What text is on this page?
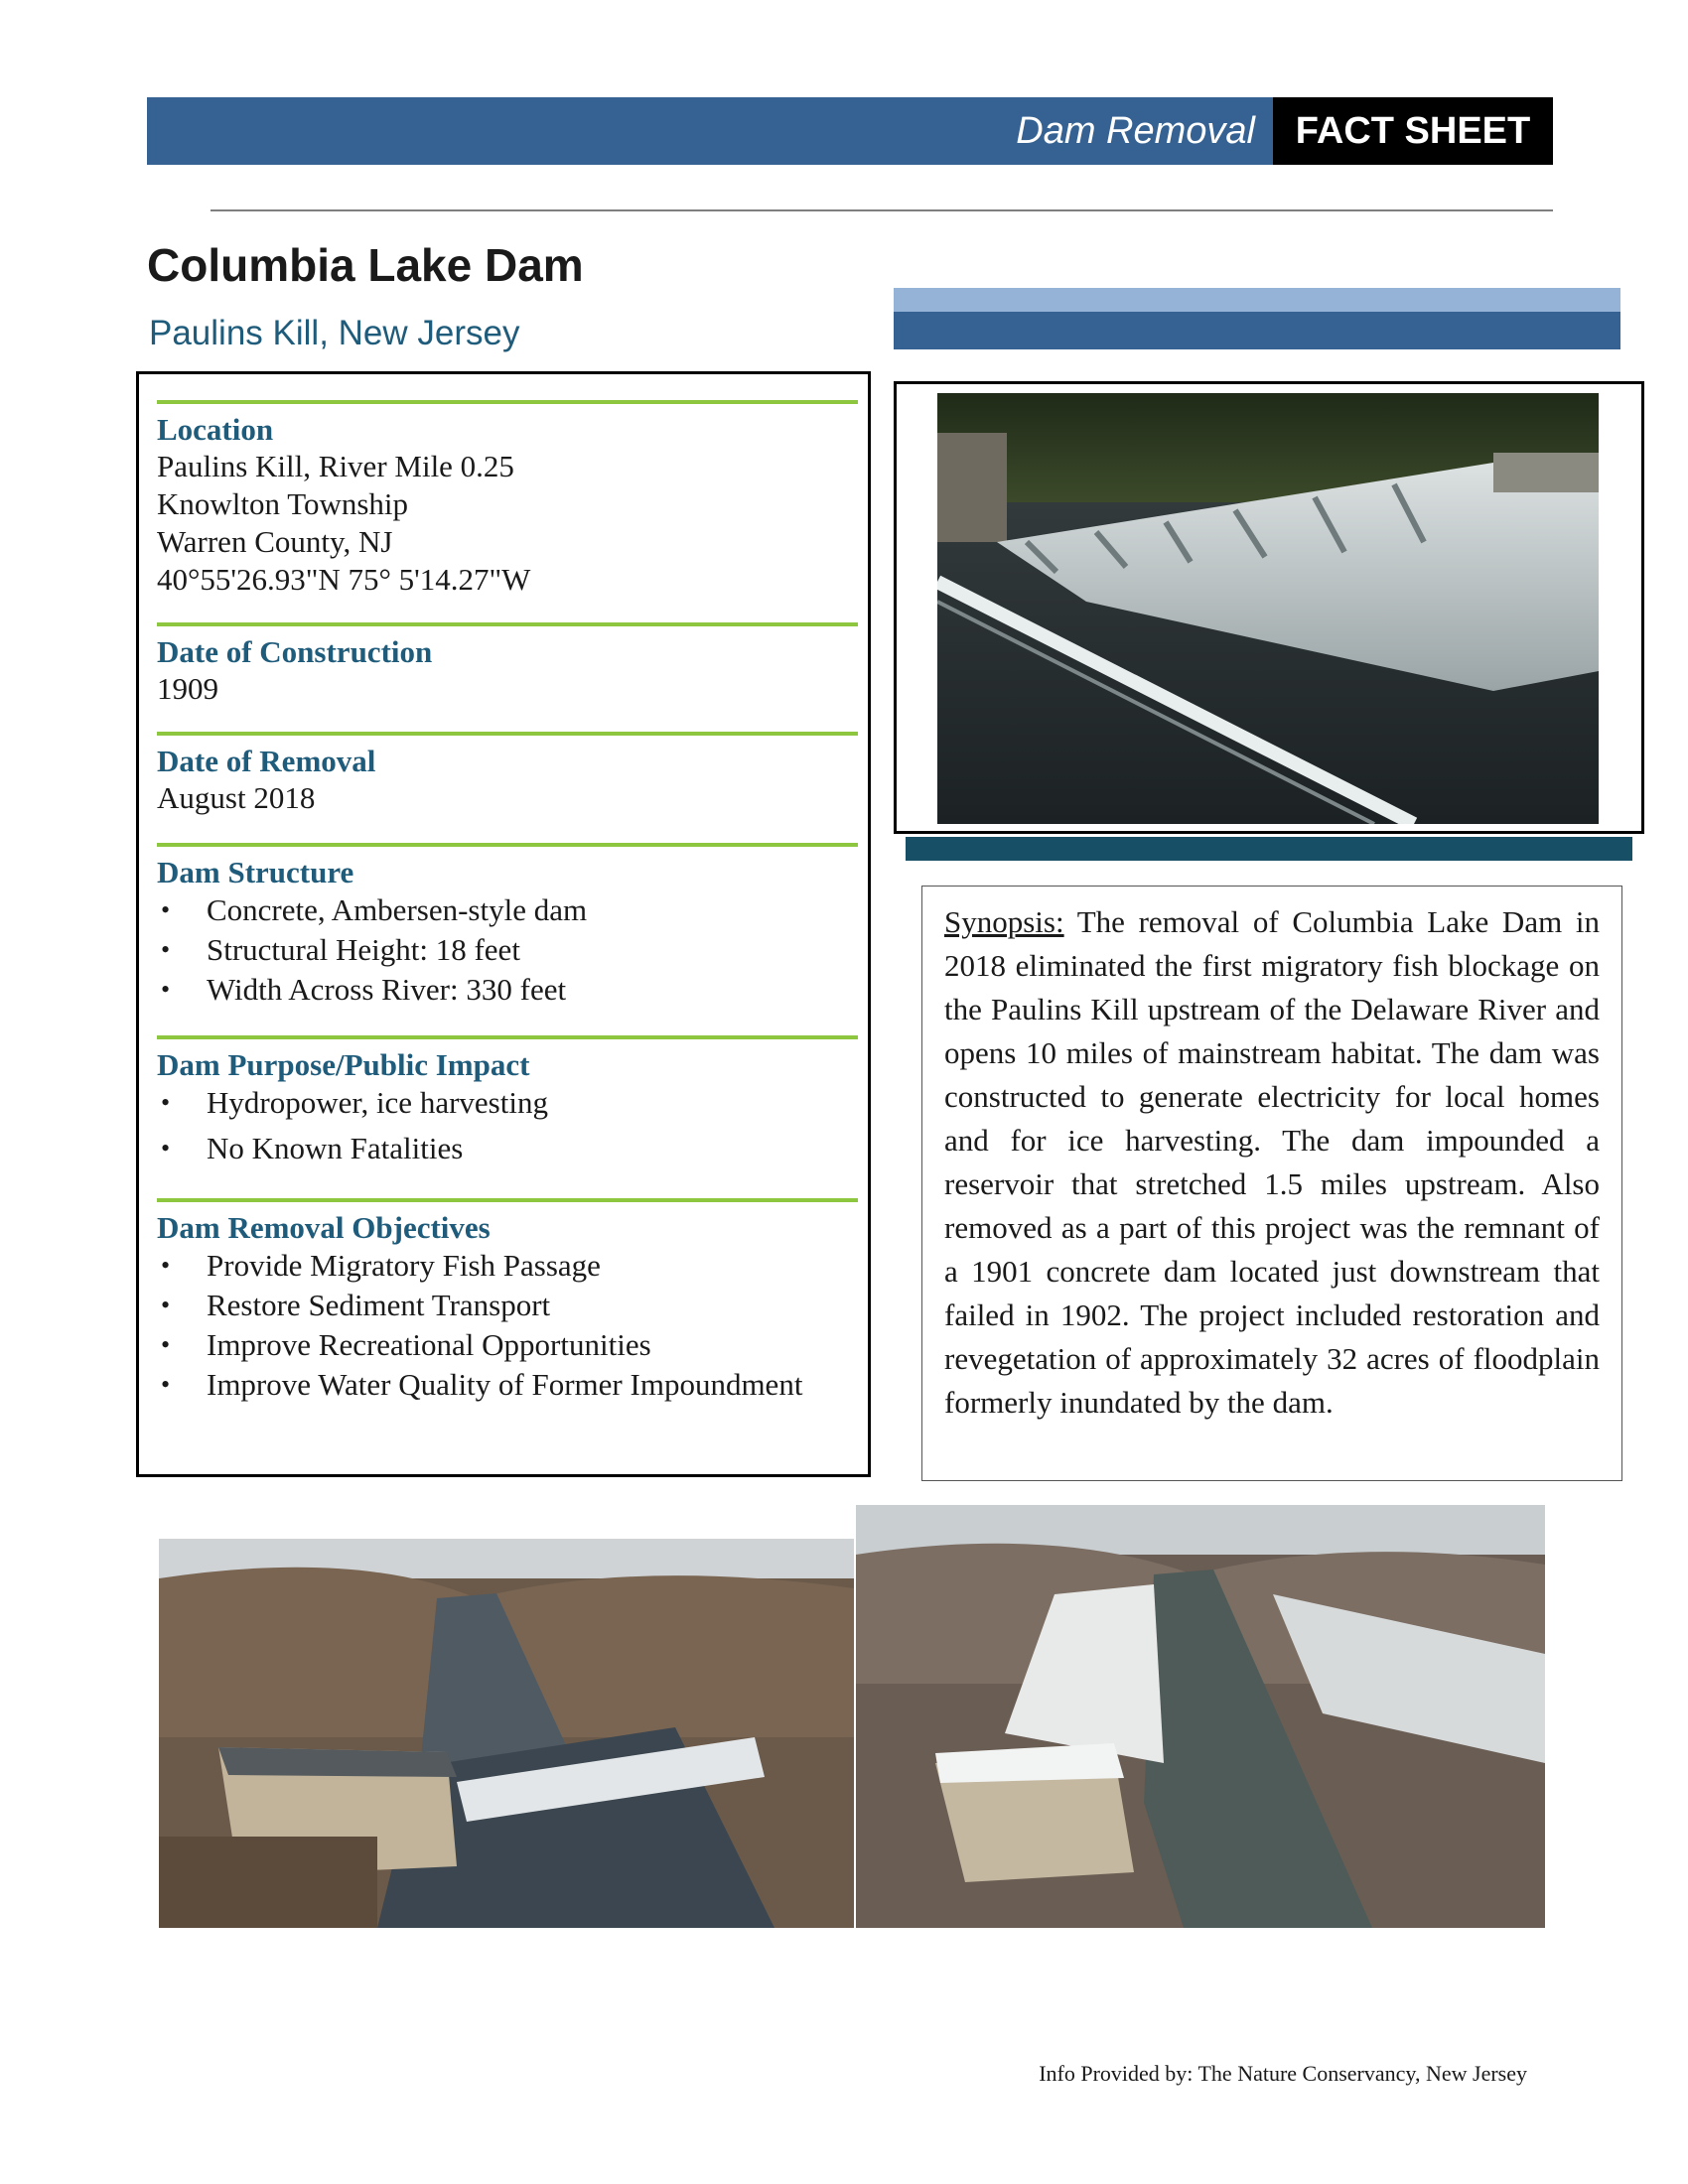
Dam Removal	FACT SHEET
Columbia Lake Dam
Paulins Kill, New Jersey
Location
Paulins Kill, River Mile 0.25
Knowlton Township
Warren County, NJ
40°55'26.93"N 75° 5'14.27"W
Date of Construction
1909
Date of Removal
August 2018
Dam Structure
• Concrete, Ambersen-style dam
• Structural Height: 18 feet
• Width Across River: 330 feet
Dam Purpose/Public Impact
• Hydropower, ice harvesting
• No Known Fatalities
Dam Removal Objectives
• Provide Migratory Fish Passage
• Restore Sediment Transport
• Improve Recreational Opportunities
• Improve Water Quality of Former Impoundment

Synopsis: The removal of Columbia Lake Dam in 2018 eliminated the first migratory fish blockage on the Paulins Kill upstream of the Delaware River and opens 10 miles of mainstream habitat. The dam was constructed to generate electricity for local homes and for ice harvesting. The dam impounded a reservoir that stretched 1.5 miles upstream. Also removed as a part of this project was the remnant of a 1901 concrete dam located just downstream that failed in 1902. The project included restoration and revegetation of approximately 32 acres of floodplain formerly inundated by the dam.

Info Provided by: The Nature Conservancy, New Jersey
